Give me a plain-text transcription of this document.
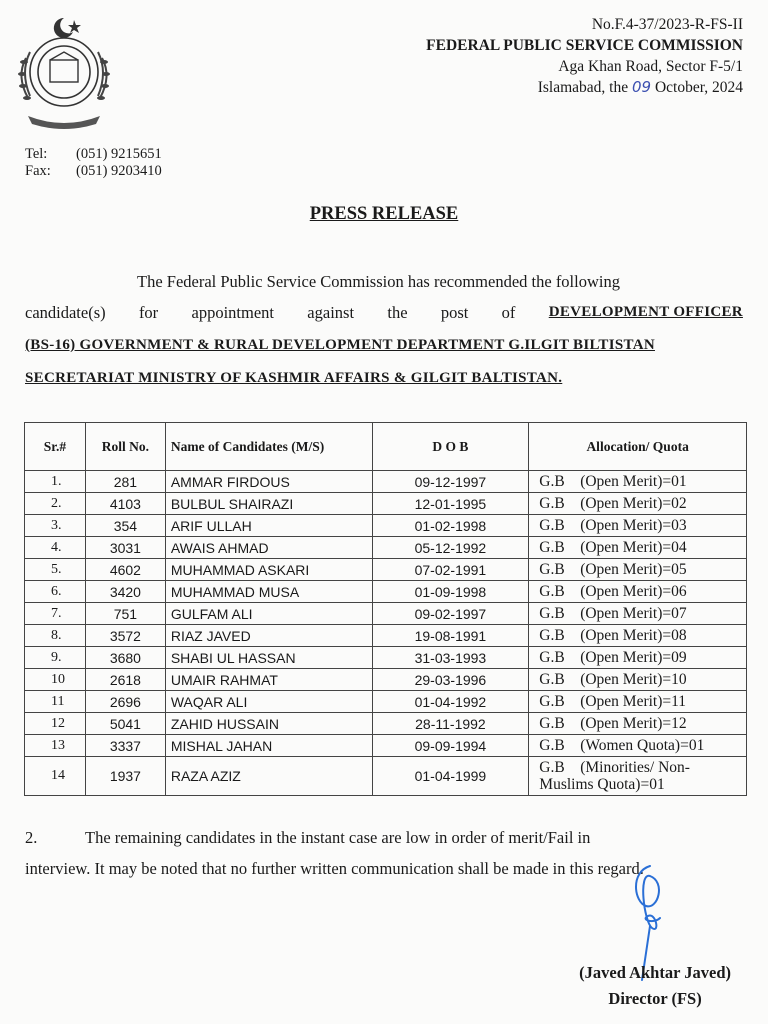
No.F.4-37/2023-R-FS-II
FEDERAL PUBLIC SERVICE COMMISSION
Aga Khan Road, Sector F-5/1
Islamabad, the 09 October, 2024
Tel:	(051) 9215651
Fax:	(051) 9203410
PRESS RELEASE
The Federal Public Service Commission has recommended the following
candidate(s) for appointment against the post of DEVELOPMENT OFFICER
(BS-16) GOVERNMENT & RURAL DEVELOPMENT DEPARTMENT G.ILGIT BILTISTAN
SECRETARIAT MINISTRY OF KASHMIR AFFAIRS & GILGIT BALTISTAN.
Sr.#	Roll No.	Name of Candidates (M/S)	D O B	Allocation/ Quota
1.	281	AMMAR FIRDOUS	09-12-1997	G.B (Open Merit)=01
2.	4103	BULBUL SHAIRAZI	12-01-1995	G.B (Open Merit)=02
3.	354	ARIF ULLAH	01-02-1998	G.B (Open Merit)=03
4.	3031	AWAIS AHMAD	05-12-1992	G.B (Open Merit)=04
5.	4602	MUHAMMAD ASKARI	07-02-1991	G.B (Open Merit)=05
6.	3420	MUHAMMAD MUSA	01-09-1998	G.B (Open Merit)=06
7.	751	GULFAM ALI	09-02-1997	G.B (Open Merit)=07
8.	3572	RIAZ JAVED	19-08-1991	G.B (Open Merit)=08
9.	3680	SHABI UL HASSAN	31-03-1993	G.B (Open Merit)=09
10	2618	UMAIR RAHMAT	29-03-1996	G.B (Open Merit)=10
11	2696	WAQAR ALI	01-04-1992	G.B (Open Merit)=11
12	5041	ZAHID HUSSAIN	28-11-1992	G.B (Open Merit)=12
13	3337	MISHAL JAHAN	09-09-1994	G.B (Women Quota)=01
14	1937	RAZA AZIZ	01-04-1999	G.B (Minorities/ Non-
Muslims Quota)=01
2.	The remaining candidates in the instant case are low in order of merit/Fail in
interview. It may be noted that no further written communication shall be made in this regard.
(Javed Akhtar Javed)
Director (FS)
